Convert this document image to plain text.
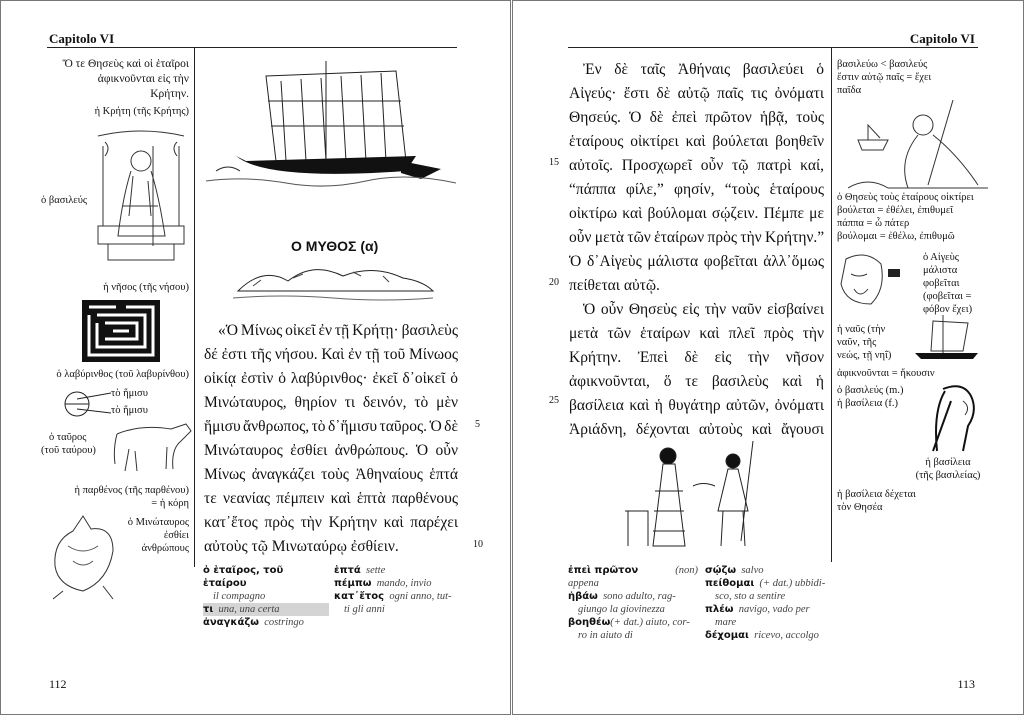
Capitolo VI
Ὅ τε Θησεὺς καὶ οἱ ἑταῖροι
ἀφικνοῦνται εἰς τὴν
Κρήτην.
ἡ Κρήτη (τῆς Κρήτης)
ὁ βασιλεύς
ἡ νῆσος (τῆς νήσου)
ὁ λαβύρινθος (τοῦ λαβυρίνθου)
τὸ ἥμισυ
τὸ ἥμισυ
ὁ ταῦρος
(τοῦ ταύρου)
ἡ παρθένος (τῆς παρθένου)
= ἡ κόρη
ὁ Μινώταυρος
ἐσθίει
ἀνθρώπους
Ο ΜΥΘΟΣ (α)
«Ὁ Μίνως οἰκεῖ ἐν τῇ Κρήτῃ· βασιλεὺς
δέ ἐστι τῆς νήσου. Καὶ ἐν τῇ τοῦ Μίνωος
οἰκίᾳ ἐστὶν ὁ λαβύρινθος· ἐκεῖ δ᾽οἰκεῖ ὁ
Μινώταυρος, θηρίον τι δεινόν, τὸ μὲν
ἥμισυ ἄνθρωπος, τὸ δ᾽ἥμισυ ταῦρος. Ὁ δὲ
Μινώταυρος ἐσθίει ἀνθρώπους. Ὁ οὖν
Μίνως ἀναγκάζει τοὺς Ἀθηναίους ἑπτά
τε νεανίας πέμπειν καὶ ἑπτὰ παρθένους
κατ᾽ἔτος πρὸς τὴν Κρήτην καὶ παρέχει
αὐτοὺς τῷ Μινωταύρῳ ἐσθίειν.
5
10
ὁ ἑταῖρος, τοῦ ἑταίρου
il compagno
τι una, una certa
ἀναγκάζω costringo
ἑπτά sette
πέμπω mando, invio
κατ᾽ἔτος ogni anno, tut-
ti gli anni
112
Capitolo VI
Ἐν δὲ ταῖς Ἀθήναις βασιλεύει ὁ
Αἰγεύς· ἔστι δὲ αὐτῷ παῖς τις ὀνόματι
Θησεύς. Ὁ δὲ ἐπεὶ πρῶτον ἡβᾷ, τοὺς
ἑταίρους οἰκτίρει καὶ βούλεται βοηθεῖν
αὐτοῖς. Προσχωρεῖ οὖν τῷ πατρὶ καί,
“πάππα φίλε,” φησίν, “τοὺς ἑταίρους
οἰκτίρω καὶ βούλομαι σῴζειν. Πέμπε με
οὖν μετὰ τῶν ἑταίρων πρὸς τὴν Κρήτην.”
Ὁ δ᾽Αἰγεὺς μάλιστα φοβεῖται ἀλλ᾽ὅμως
πείθεται αὐτῷ.
Ὁ οὖν Θησεὺς εἰς τὴν ναῦν εἰσβαίνει
μετὰ τῶν ἑταίρων καὶ πλεῖ πρὸς τὴν
Κρήτην. Ἐπεὶ δὲ εἰς τὴν νῆσον
ἀφικνοῦνται, ὅ τε βασιλεὺς καὶ ἡ
βασίλεια καὶ ἡ θυγάτηρ αὐτῶν, ὀνόματι
Ἀριάδνη, δέχονται αὐτοὺς καὶ ἄγουσι
15
20
25
βασιλεύω < βασιλεύς
ἔστιν αὐτῷ παῖς = ἔχει
παῖδα
ὁ Θησεὺς τοὺς ἑταίρους οἰκτίρει
βούλεται = ἐθέλει, ἐπιθυμεῖ
πάππα = ὦ πάτερ
βούλομαι = ἐθέλω, ἐπιθυμῶ
ὁ Αἰγεὺς
μάλιστα
φοβεῖται
(φοβεῖται =
φόβον ἔχει)
ἡ ναῦς (τὴν
ναῦν, τῆς
νεώς, τῇ νηΐ)
ἀφικνοῦνται = ἥκουσιν
ὁ βασιλεύς (m.)
ἡ βασίλεια (f.)
ἡ βασίλεια
(τῆς βασιλείας)
ἡ βασίλεια δέχεται
τὸν Θησέα
ἐπεὶ πρῶτον	(non)
appena
ἡβάω sono adulto, rag-
giungo la giovinezza
βοηθέω(+ dat.) aiuto, cor-
ro in aiuto di
σῴζω salvo
πείθομαι (+ dat.) ubbidi-
sco, sto a sentire
πλέω navigo, vado per
mare
δέχομαι ricevo, accolgo
113
